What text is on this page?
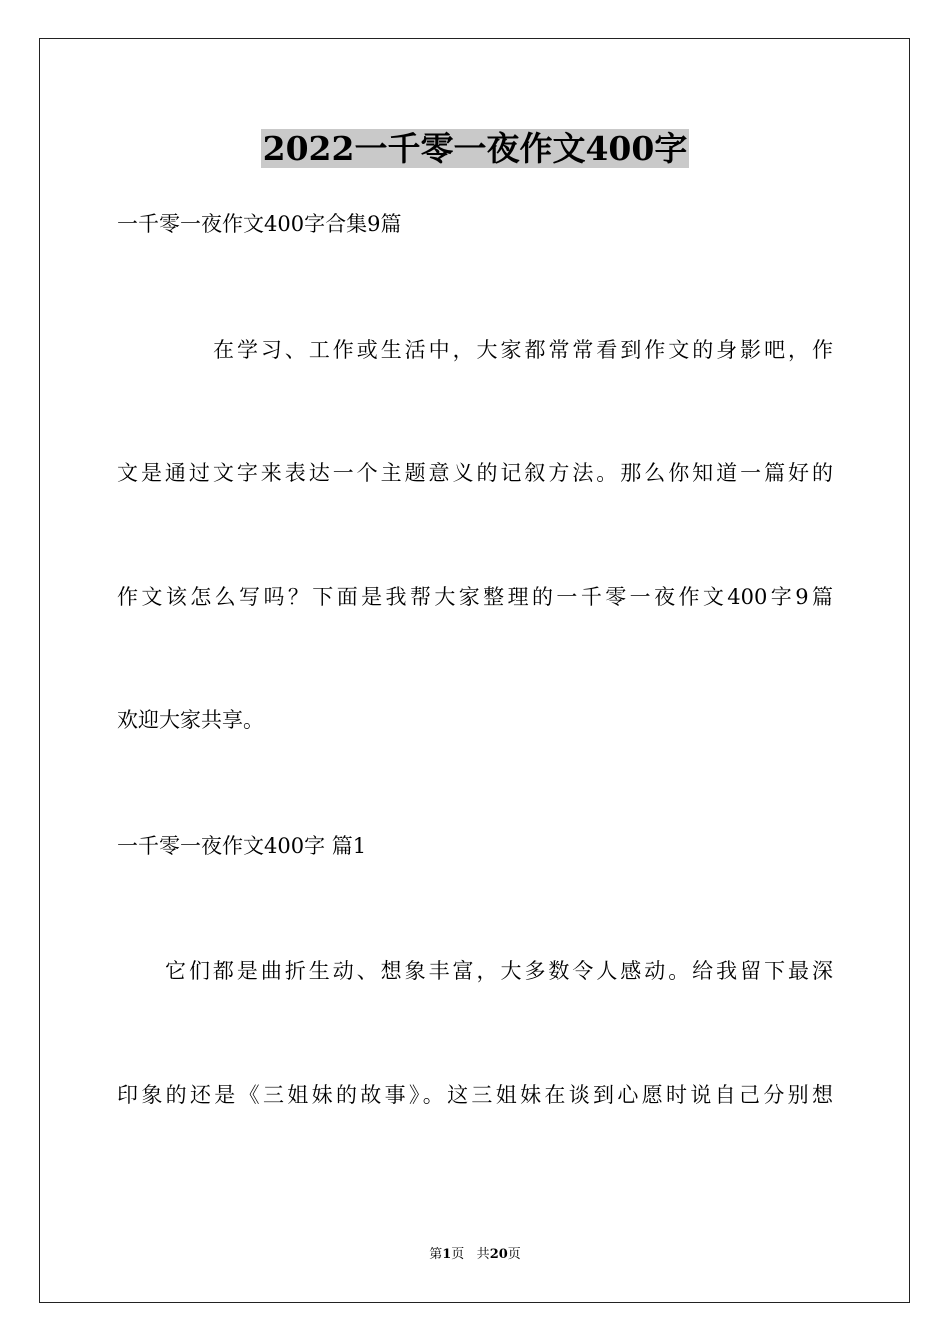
2022一千零一夜作文400字
一千零一夜作文400字合集9篇
在学习、工作或生活中，大家都常常看到作文的身影吧，作
文是通过文字来表达一个主题意义的记叙方法。那么你知道一篇好的
作文该怎么写吗？下面是我帮大家整理的一千零一夜作文400字9篇
欢迎大家共享。
一千零一夜作文400字 篇1
它们都是曲折生动、想象丰富，大多数令人感动。给我留下最深
印象的还是《三姐妹的故事》。这三姐妹在谈到心愿时说自己分别想
第1页 共20页
